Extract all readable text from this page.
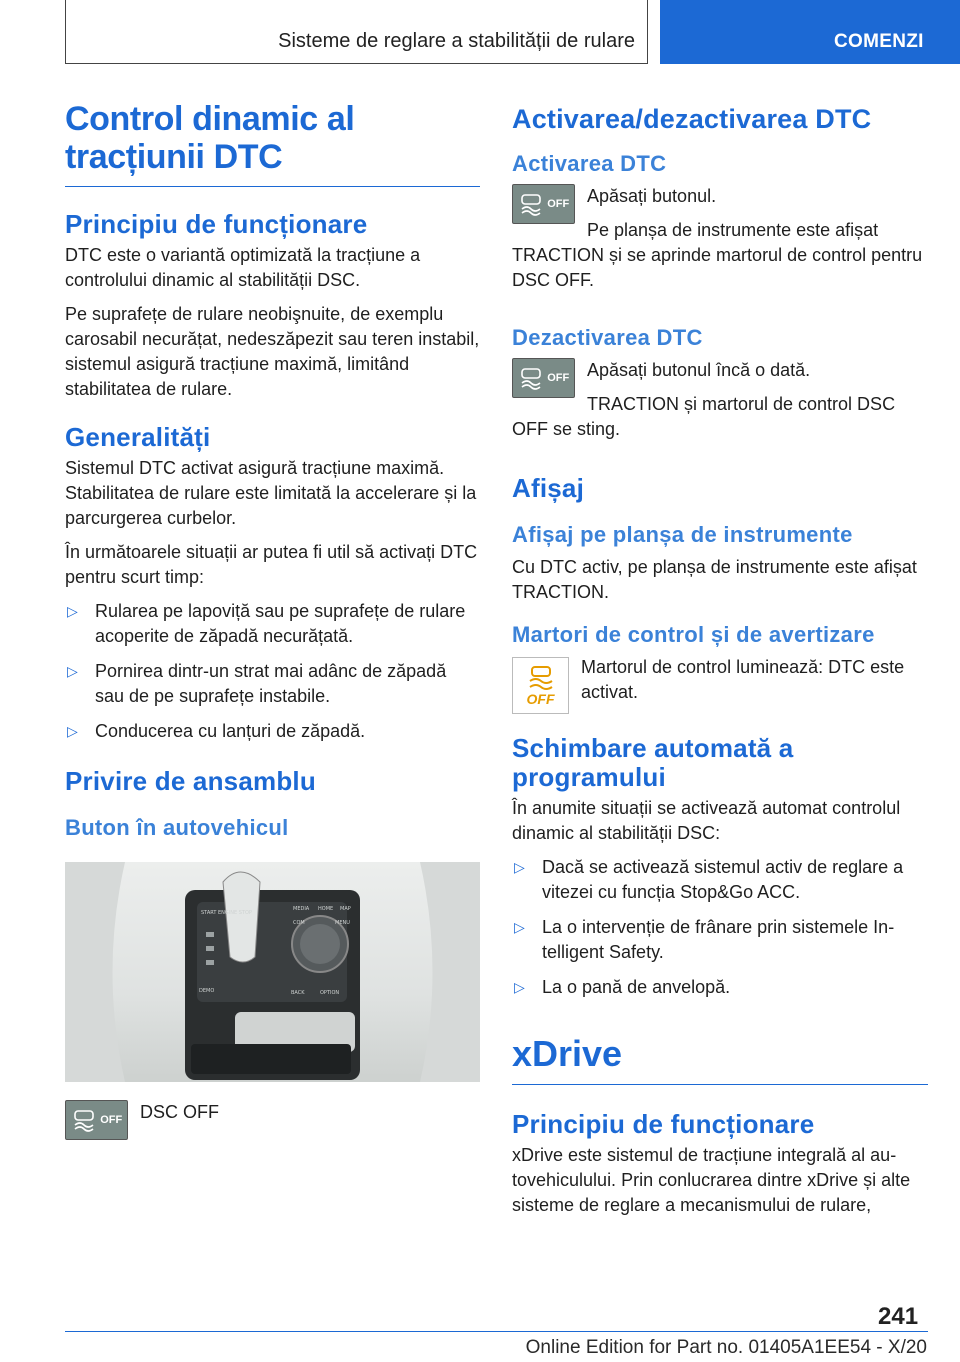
Sisteme de reglare a stabilității de rulare	COMENZI
Control dinamic al tracțiunii DTC
Principiu de funcționare

DTC este o variantă optimizată la tracțiune a controlului dinamic al stabilității DSC.

Pe suprafețe de rulare neobişnuite, de exemplu carosabil necurățat, nedeszăpezit sau teren instabil, sistemul asigură tracțiune maximă, limitând stabilitatea de rulare.

Generalități

Sistemul DTC activat asigură tracțiune maximă. Stabilitatea de rulare este limitată la accelerare și la parcurgerea curbelor.

În următoarele situații ar putea fi util să activați DTC pentru scurt timp:

▷ Rularea pe lapoviță sau pe suprafețe de rulare acoperite de zăpadă necurățată.
▷ Pornirea dintr-un strat mai adânc de zăpadă sau de pe suprafețe instabile.
▷ Conducerea cu lanțuri de zăpadă.
Privire de ansamblu
Buton în autovehicul
MEDIA HOME MAP
COM	MENU
DEMO	BACK	OPTION
START ENGINE STOP
OFF DSC OFF

Activarea/dezactivarea DTC
Activarea DTC
OFF Apăsați butonul.

Pe planșa de instrumente este afișat TRACTION și se aprinde martorul de control pentru DSC OFF.

Dezactivarea DTC
OFF Apăsați butonul încă o dată.

TRACTION și martorul de control DSC OFF se sting.

Afișaj
Afișaj pe planșa de instrumente

Cu DTC activ, pe planșa de instrumente este afișat TRACTION.

Martori de control și de avertizare
OFF

Martorul de control luminează: DTC este activat.

Schimbare automată a programului

În anumite situații se activează automat controlul dinamic al stabilității DSC:

▷ Dacă se activează sistemul activ de reglare a vitezei cu funcția Stop&Go ACC.
▷ La o intervenție de frânare prin sistemele Intelligent Safety.
▷ La o pană de anvelopă.
xDrive
Principiu de funcționare

xDrive este sistemul de tracțiune integrală al autovehiculului. Prin conlucrarea dintre xDrive și alte sisteme de reglare a mecanismului de rulare,

241
Online Edition for Part no. 01405A1EE54 - X/20
